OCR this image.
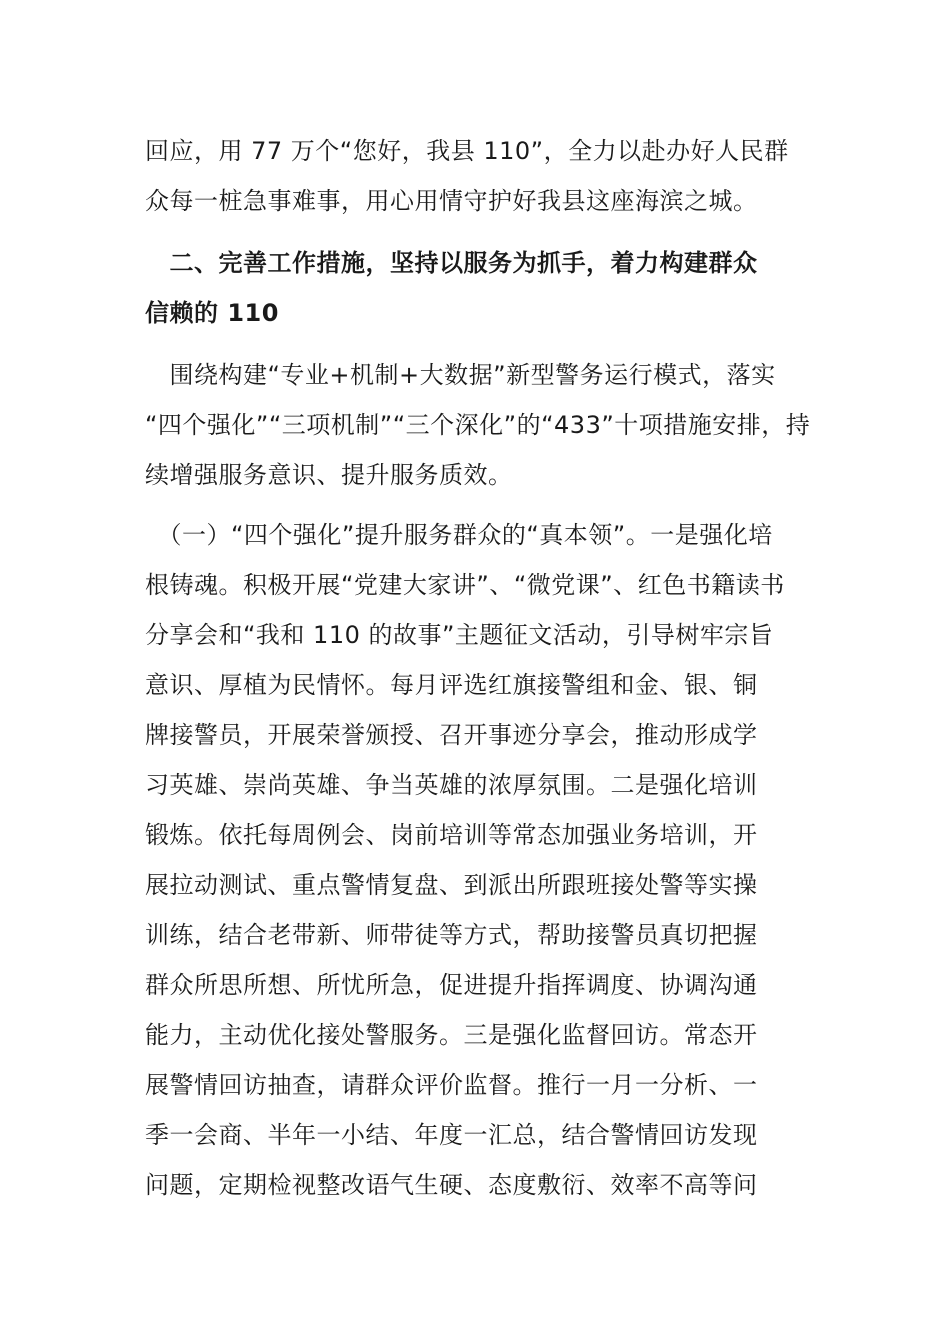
回应，用 77 万个“您好，我县 110”，全力以赴办好人民群
众每一桩急事难事，用心用情守护好我县这座海滨之城。
　二、完善工作措施，坚持以服务为抓手，着力构建群众
信赖的 110
　围绕构建“专业+机制+大数据”新型警务运行模式，落实
“四个强化”“三项机制”“三个深化”的“433”十项措施安排，持
续增强服务意识、提升服务质效。
　（一）“四个强化”提升服务群众的“真本领”。一是强化培
根铸魂。积极开展“党建大家讲”、“微党课”、红色书籍读书
分享会和“我和 110 的故事”主题征文活动，引导树牢宗旨
意识、厚植为民情怀。每月评选红旗接警组和金、银、铜
牌接警员，开展荣誉颁授、召开事迹分享会，推动形成学
习英雄、崇尚英雄、争当英雄的浓厚氛围。二是强化培训
锻炼。依托每周例会、岗前培训等常态加强业务培训，开
展拉动测试、重点警情复盘、到派出所跟班接处警等实操
训练，结合老带新、师带徒等方式，帮助接警员真切把握
群众所思所想、所忧所急，促进提升指挥调度、协调沟通
能力，主动优化接处警服务。三是强化监督回访。常态开
展警情回访抽查，请群众评价监督。推行一月一分析、一
季一会商、半年一小结、年度一汇总，结合警情回访发现
问题，定期检视整改语气生硬、态度敷衍、效率不高等问
